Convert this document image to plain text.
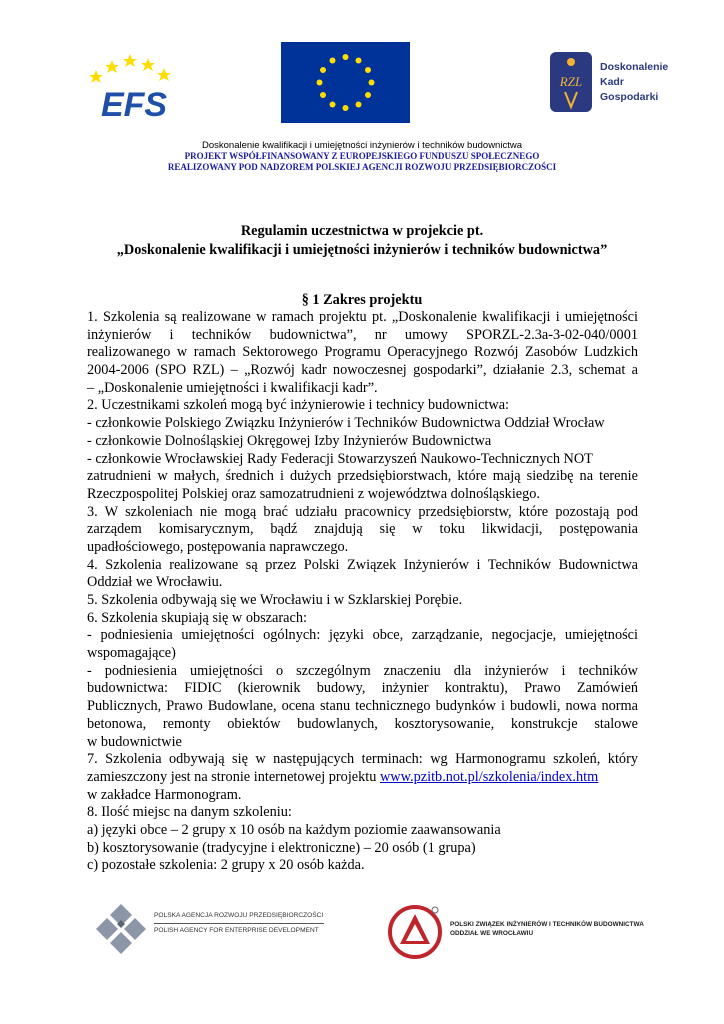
EFS
RZL
Doskonalenie
Kadr
Gospodarki
Doskonalenie kwalifikacji i umiejętności inżynierów i techników budownictwa
PROJEKT WSPÓŁFINANSOWANY Z EUROPEJSKIEGO FUNDUSZU SPOŁECZNEGO
REALIZOWANY POD NADZOREM POLSKIEJ AGENCJI ROZWOJU PRZEDSIĘBIORCZOŚCI
Regulamin uczestnictwa w projekcie pt.
„Doskonalenie kwalifikacji i umiejętności inżynierów i techników budownictwa”
§ 1 Zakres projektu
1. Szkolenia są realizowane w ramach projektu pt. „Doskonalenie kwalifikacji i umiejętności
inżynierów i techników budownictwa”, nr umowy SPORZL-2.3a-3-02-040/0001
realizowanego w ramach Sektorowego Programu Operacyjnego Rozwój Zasobów Ludzkich
2004-2006 (SPO RZL) – „Rozwój kadr nowoczesnej gospodarki”, działanie 2.3, schemat a
– „Doskonalenie umiejętności i kwalifikacji kadr”.
2. Uczestnikami szkoleń mogą być inżynierowie i technicy budownictwa:
- członkowie Polskiego Związku Inżynierów i Techników Budownictwa Oddział Wrocław
- członkowie Dolnośląskiej Okręgowej Izby Inżynierów Budownictwa
- członkowie Wrocławskiej Rady Federacji Stowarzyszeń Naukowo-Technicznych NOT
zatrudnieni w małych, średnich i dużych przedsiębiorstwach, które mają siedzibę na terenie
Rzeczpospolitej Polskiej oraz samozatrudnieni z województwa dolnośląskiego.
3. W szkoleniach nie mogą brać udziału pracownicy przedsiębiorstw, które pozostają pod
zarządem komisarycznym, bądź znajdują się w toku likwidacji, postępowania
upadłościowego, postępowania naprawczego.
4. Szkolenia realizowane są przez Polski Związek Inżynierów i Techników Budownictwa
Oddział we Wrocławiu.
5. Szkolenia odbywają się we Wrocławiu i w Szklarskiej Porębie.
6. Szkolenia skupiają się w obszarach:
- podniesienia umiejętności ogólnych: języki obce, zarządzanie, negocjacje, umiejętności
wspomagające)
- podniesienia umiejętności o szczególnym znaczeniu dla inżynierów i techników
budownictwa: FIDIC (kierownik budowy, inżynier kontraktu), Prawo Zamówień
Publicznych, Prawo Budowlane, ocena stanu technicznego budynków i budowli, nowa norma
betonowa, remonty obiektów budowlanych, kosztorysowanie, konstrukcje stalowe
w budownictwie
7. Szkolenia odbywają się w następujących terminach: wg Harmonogramu szkoleń, który
zamieszczony jest na stronie internetowej projektu www.pzitb.not.pl/szkolenia/index.htm
w zakładce Harmonogram.
8. Ilość miejsc na danym szkoleniu:
a) języki obce – 2 grupy x 10 osób na każdym poziomie zaawansowania
b) kosztorysowanie (tradycyjne i elektroniczne) – 20 osób (1 grupa)
c) pozostałe szkolenia: 2 grupy x 20 osób każda.
POLSKA AGENCJA ROZWOJU PRZEDSIĘBIORCZOŚCI
POLISH AGENCY FOR ENTERPRISE DEVELOPMENT
POLSKI ZWIĄZEK INŻYNIERÓW I TECHNIKÓW BUDOWNICTWA
ODDZIAŁ WE WROCŁAWIU
